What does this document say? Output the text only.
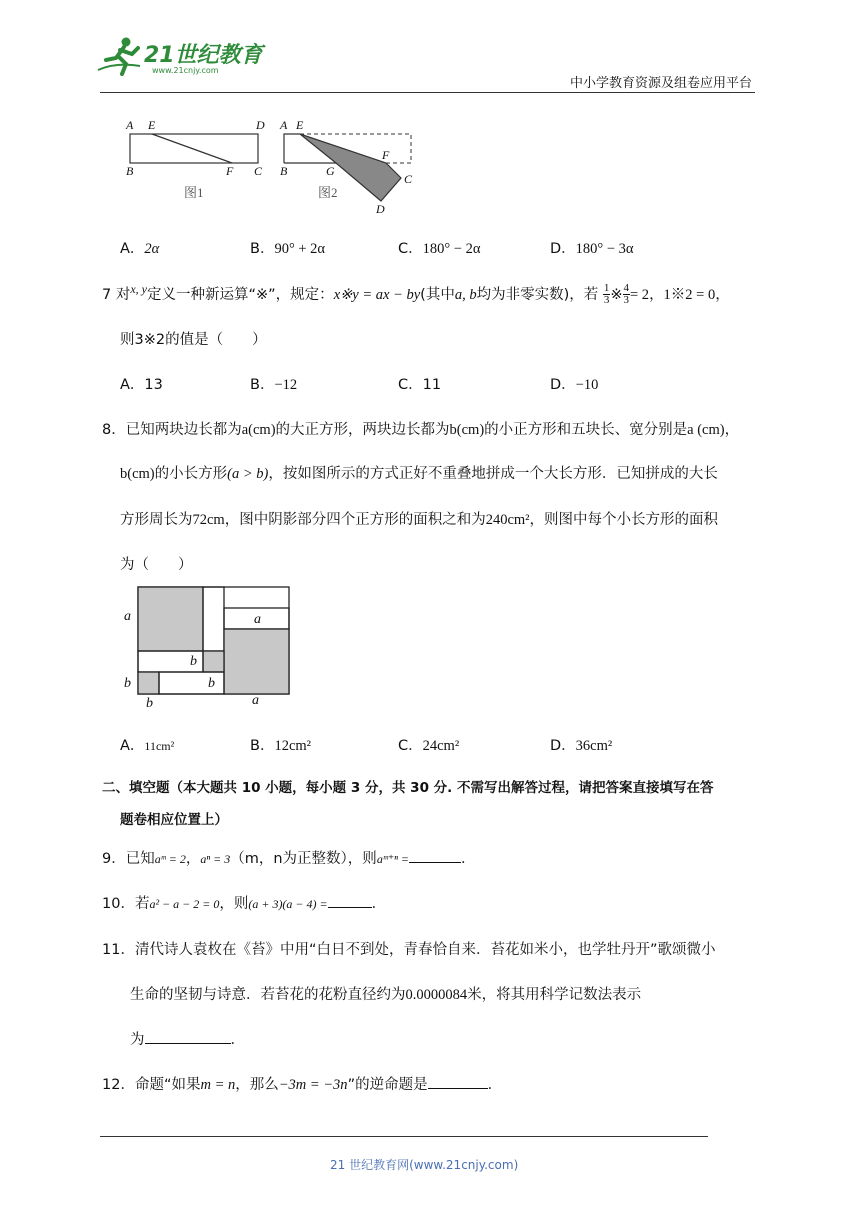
21世纪教育
www.21cnjy.com
中小学教育资源及组卷应用平台
A E	D
B	F C
图1
A E
F
B	G
C
D
图2
A．2α	B．90° + 2α	C．180° − 2α	D．180° − 3α
7 对$^{x, y}$定义一种新运算“※”，规定：x※y = ax − by(其中a, b均为非零实数)，若 $\frac{1}{3}$ ※ $\frac{4}{3} = 2$，1※2 = 0，
则3※2的值是（　　）
A．13	B．−12	C．11	D．−10
8．已知两块边长都为a(cm)的大正方形，两块边长都为b(cm)的小正方形和五块长、宽分别是a (cm)，
b(cm)的小长方形(a > b)，按如图所示的方式正好不重叠地拼成一个大长方形．已知拼成的大长
方形周长为72cm，图中阴影部分四个正方形的面积之和为240cm²，则图中每个小长方形的面积
为（　　）
a	a
b
b
b
b	a
A．11cm²	B．12cm²	C．24cm²	D．36cm²
二、填空题（本大题共 10 小题，每小题 3 分，共 30 分. 不需写出解答过程，请把答案直接填写在答
题卷相应位置上）
9．已知aᵐ = 2，aⁿ = 3（m，n为正整数），则aᵐ⁺ⁿ =	．
10．若a² − a − 2 = 0，则(a + 3)(a − 4) =	．
11．清代诗人袁枚在《苔》中用“白日不到处，青春恰自来．苔花如米小，也学牡丹开”歌颂微小
生命的坚韧与诗意．若苔花的花粉直径约为0.0000084米，将其用科学记数法表示
为	．
12．命题“如果m = n，那么−3m = −3n”的逆命题是	．
21 世纪教育网(www.21cnjy.com)
